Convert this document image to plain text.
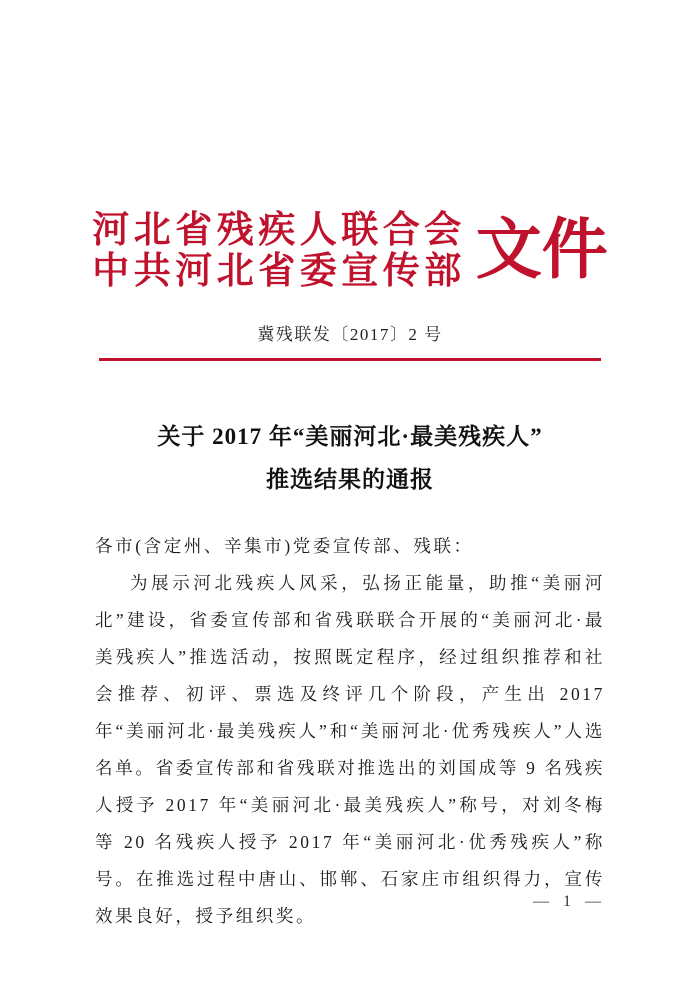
河北省残疾人联合会
中共河北省委宣传部 文件
冀残联发〔2017〕2 号
关于 2017 年“美丽河北·最美残疾人”
推选结果的通报
各市(含定州、辛集市)党委宣传部、残联：
为展示河北残疾人风采，弘扬正能量，助推“美丽河北”建设，省委宣传部和省残联联合开展的“美丽河北·最美残疾人”推选活动，按照既定程序，经过组织推荐和社会推荐、初评、票选及终评几个阶段，产生出 2017 年“美丽河北·最美残疾人”和“美丽河北·优秀残疾人”人选名单。省委宣传部和省残联对推选出的刘国成等 9 名残疾人授予 2017 年“美丽河北·最美残疾人”称号，对刘冬梅等 20 名残疾人授予 2017 年“美丽河北·优秀残疾人”称号。在推选过程中唐山、邯郸、石家庄市组织得力，宣传效果良好，授予组织奖。
— 1 —
